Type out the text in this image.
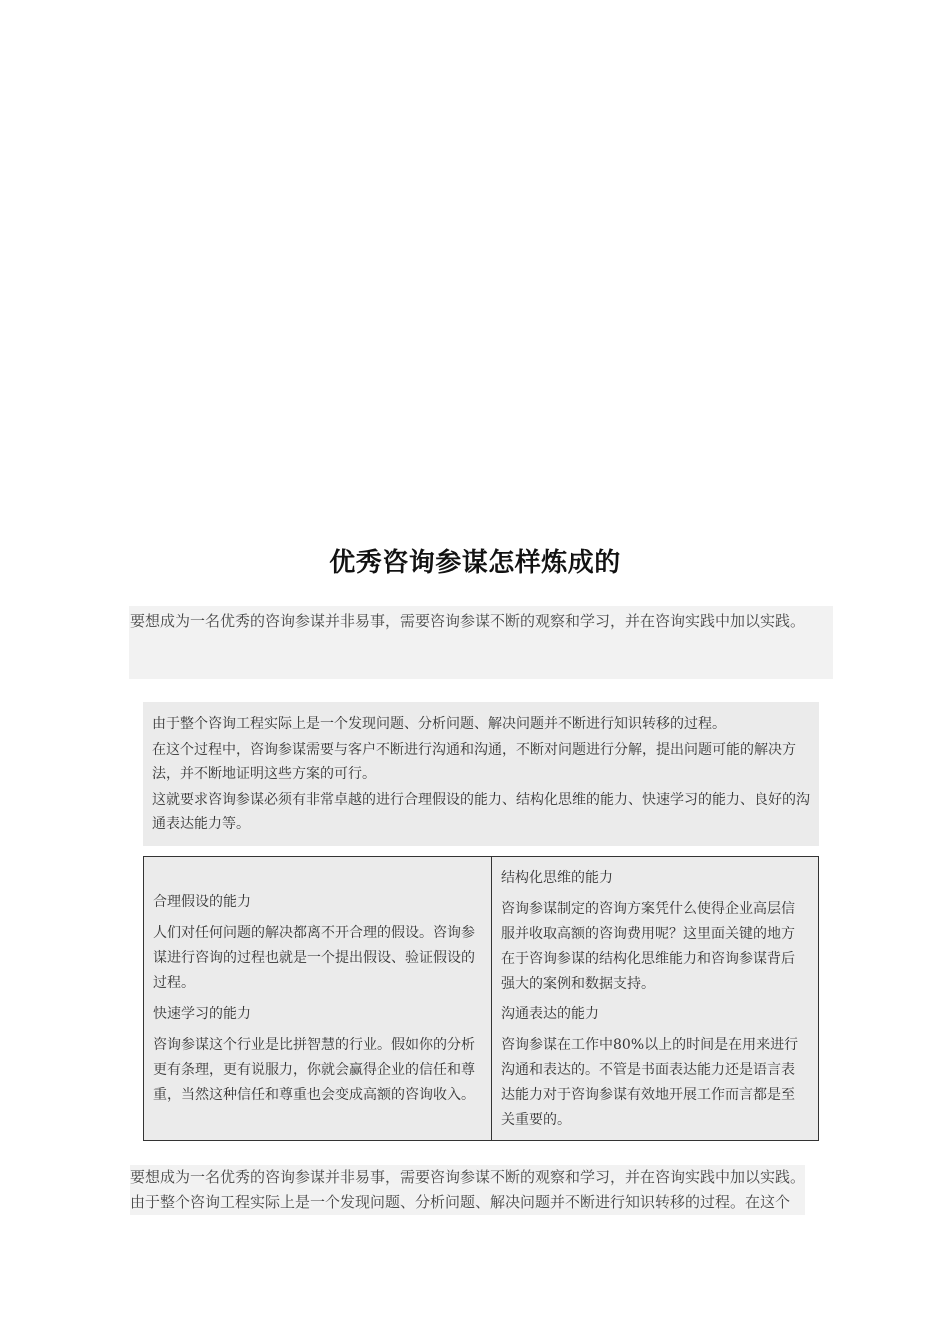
优秀咨询参谋怎样炼成的
要想成为一名优秀的咨询参谋并非易事，需要咨询参谋不断的观察和学习，并在咨询实践中加以实践。

由于整个咨询工程实际上是一个发现问题、分析问题、解决问题并不断进行知识转移的过程。

在这个过程中，咨询参谋需要与客户不断进行沟通和沟通，不断对问题进行分解，提出问题可能的解决方法，并不断地证明这些方案的可行。

这就要求咨询参谋必须有非常卓越的进行合理假设的能力、结构化思维的能力、快速学习的能力、良好的沟通表达能力等。

合理假设的能力
人们对任何问题的解决都离不开合理的假设。咨询参谋进行咨询的过程也就是一个提出假设、验证假设的过程。
快速学习的能力
咨询参谋这个行业是比拼智慧的行业。假如你的分析更有条理，更有说服力，你就会赢得企业的信任和尊重，当然这种信任和尊重也会变成高额的咨询收入。
结构化思维的能力
咨询参谋制定的咨询方案凭什么使得企业高层信服并收取高额的咨询费用呢？这里面关键的地方在于咨询参谋的结构化思维能力和咨询参谋背后强大的案例和数据支持。
沟通表达的能力
咨询参谋在工作中80%以上的时间是在用来进行沟通和表达的。不管是书面表达能力还是语言表达能力对于咨询参谋有效地开展工作而言都是至关重要的。
要想成为一名优秀的咨询参谋并非易事，需要咨询参谋不断的观察和学习，并在咨询实践中加以实践。
由于整个咨询工程实际上是一个发现问题、分析问题、解决问题并不断进行知识转移的过程。在这个
